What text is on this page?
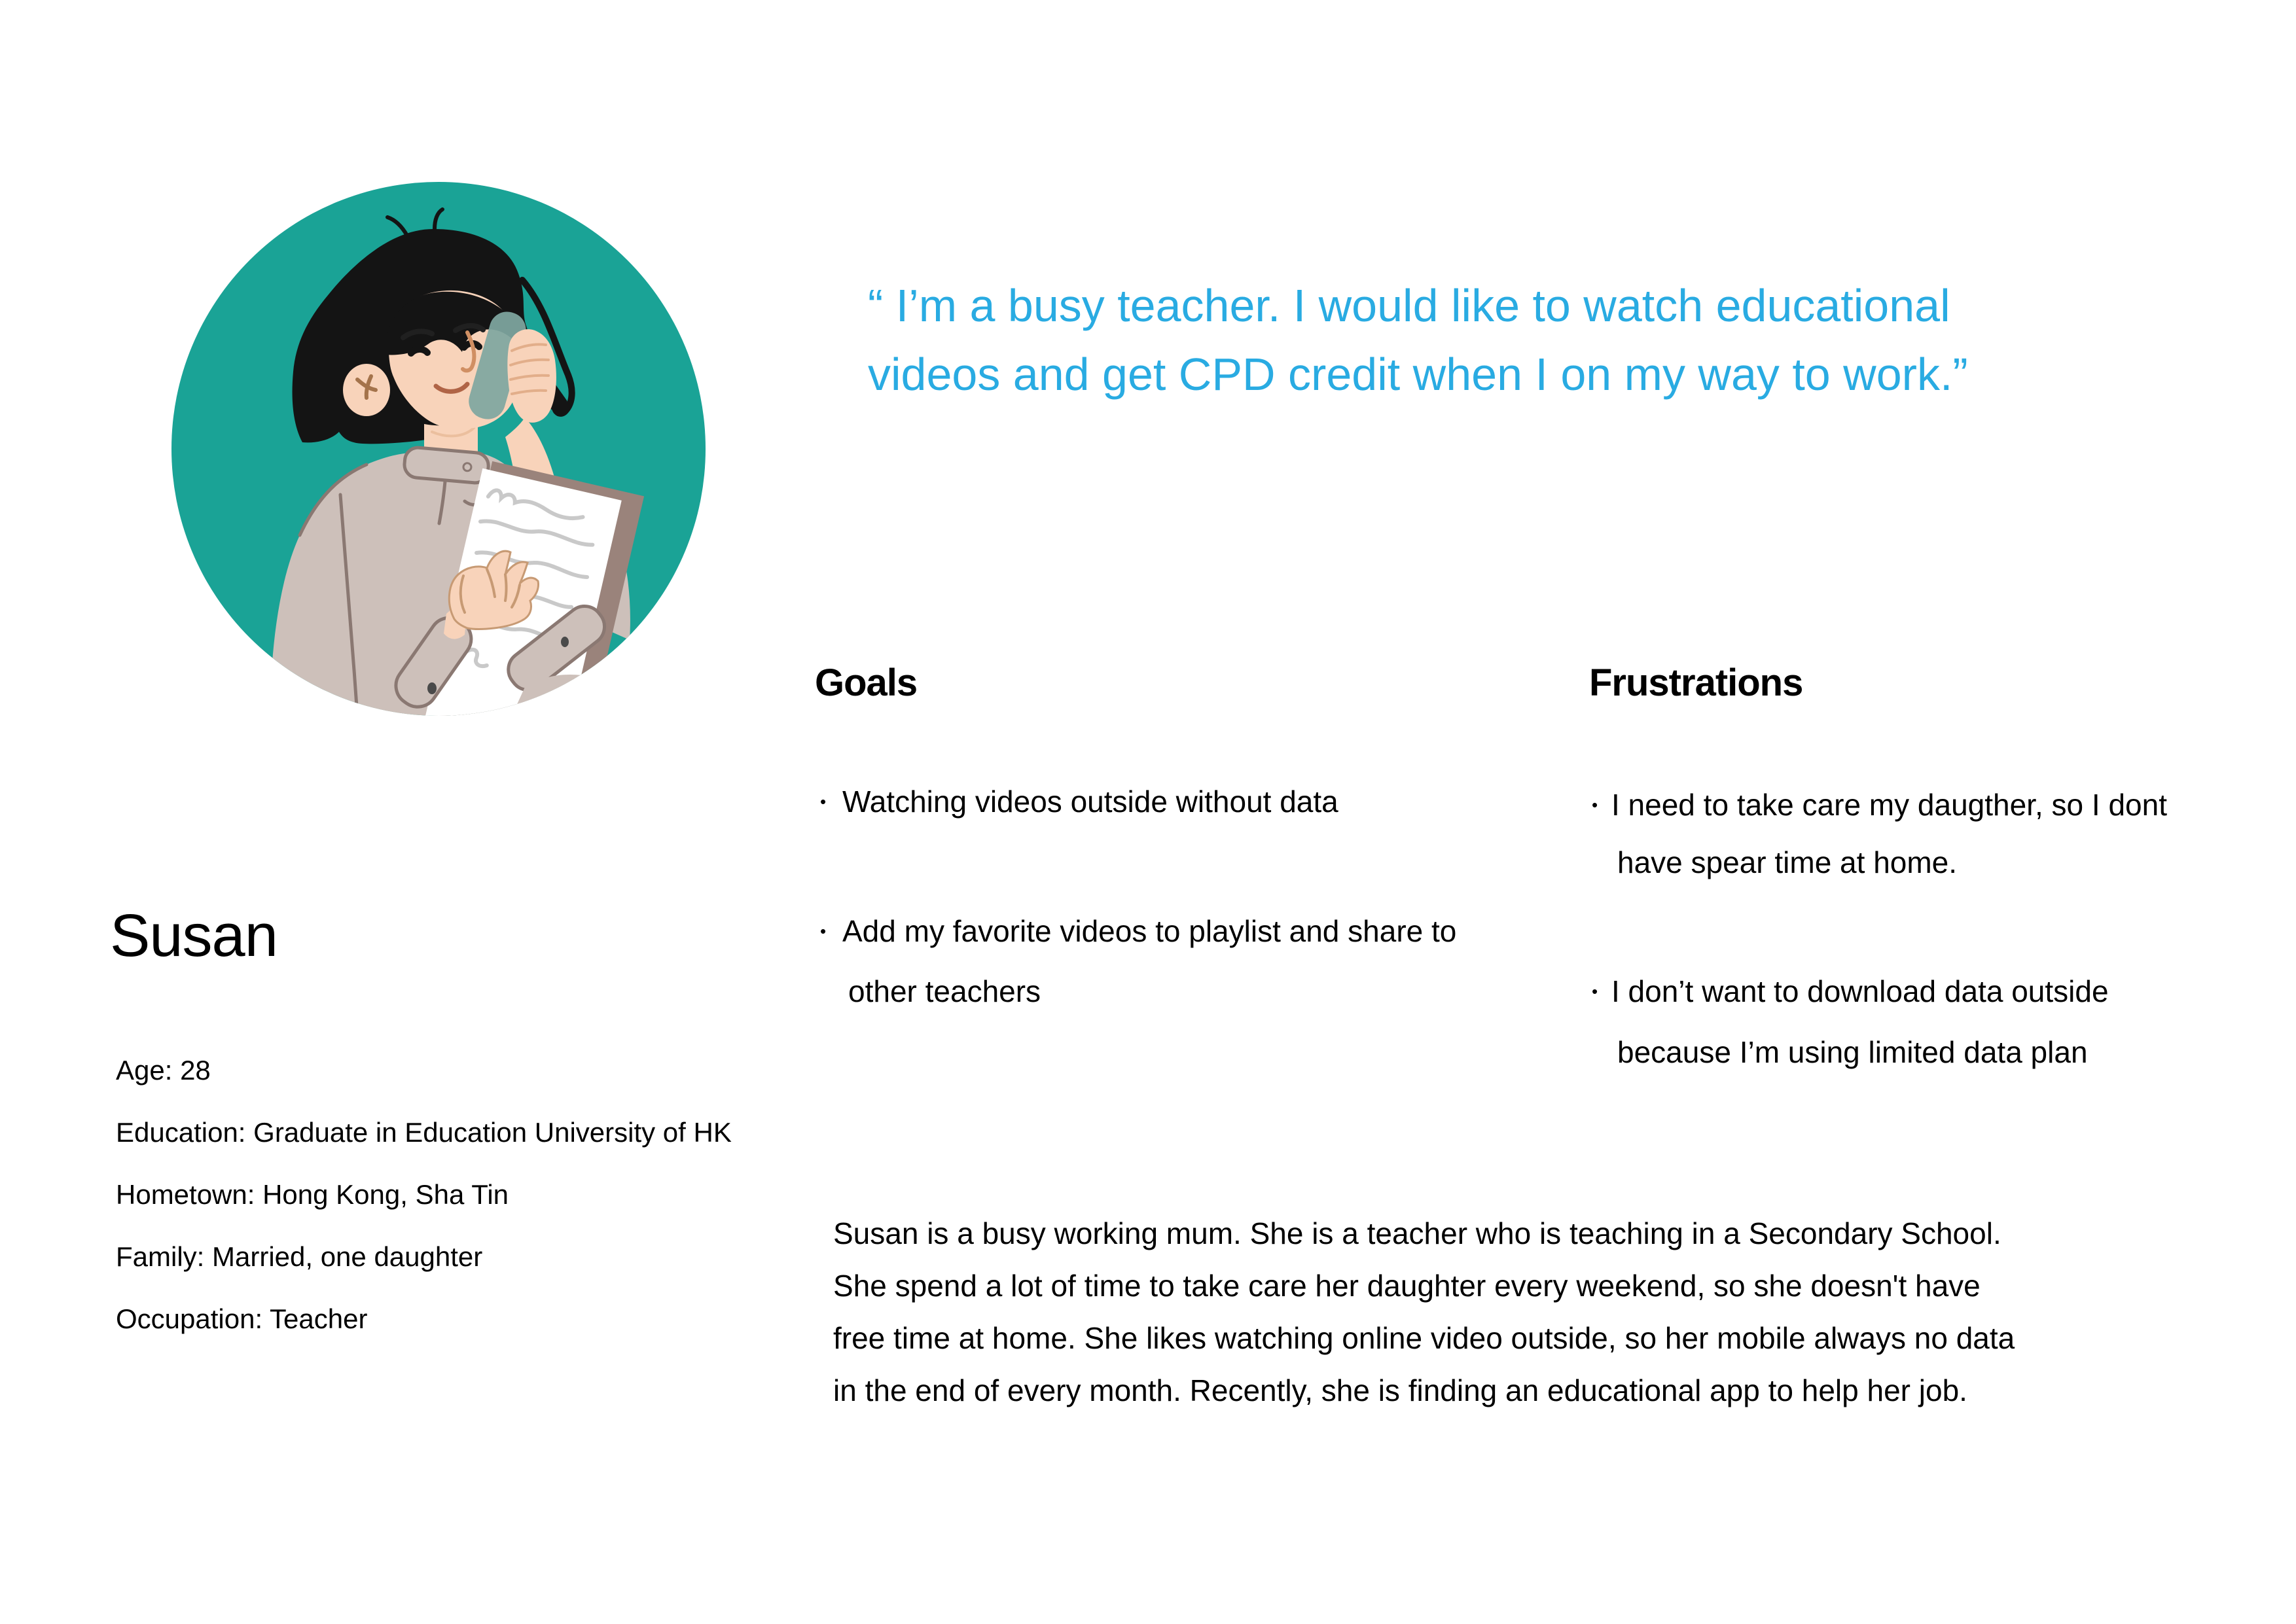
“ I’m a busy teacher. I would like to watch educational
videos and get CPD credit when I on my way to work.”
Goals
• Watching videos outside without data
• Add my favorite videos to playlist and share to
other teachers
Frustrations
• I need to take care my daugther, so I dont
have spear time at home.
• I don’t want to download data outside
because I’m using limited data plan
Susan
Age: 28
Education: Graduate in Education University of HK
Hometown: Hong Kong, Sha Tin
Family: Married, one daughter
Occupation: Teacher
Susan is a busy working mum. She is a teacher who is teaching in a Secondary School.
She spend a lot of time to take care her daughter every weekend, so she doesn't have
free time at home. She likes watching online video outside, so her mobile always no data
in the end of every month. Recently, she is finding an educational app to help her job.
